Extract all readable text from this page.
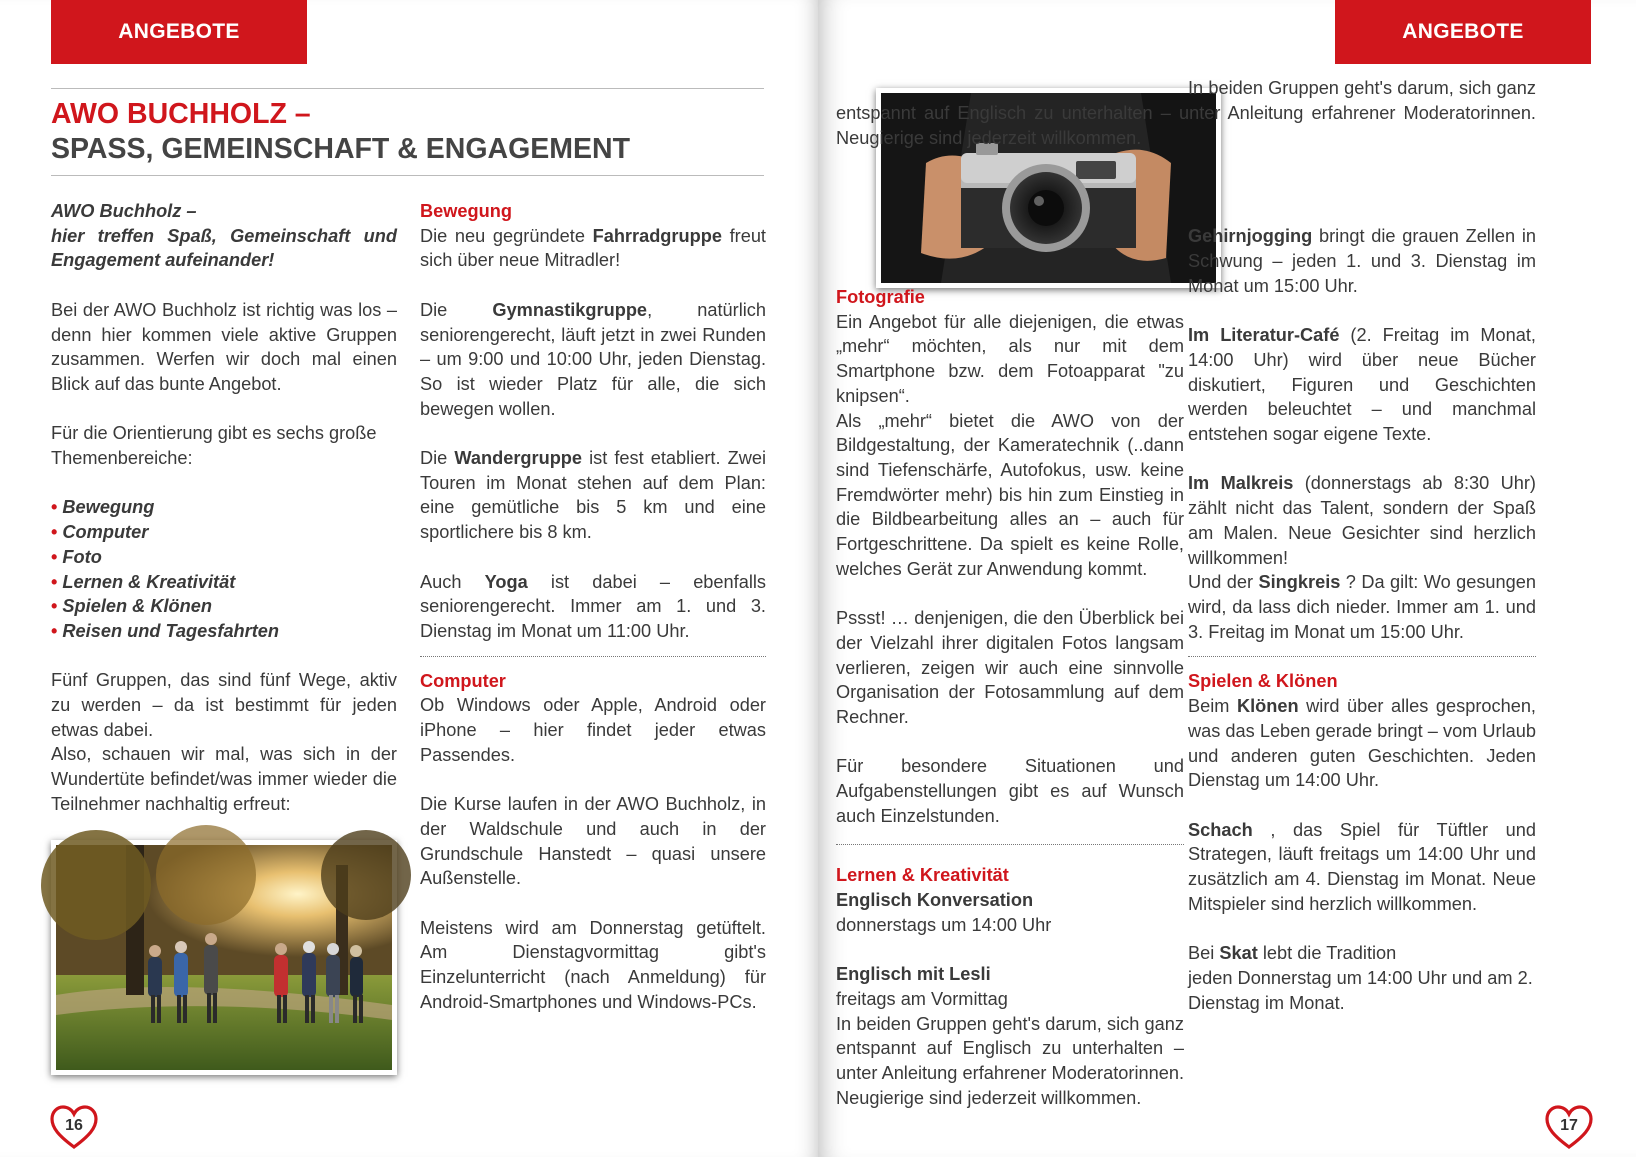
ANGEBOTE
AWO BUCHHOLZ –
SPASS, GEMEINSCHAFT & ENGAGEMENT

AWO Buchholz –

hier treffen Spaß, Gemeinschaft und Engagement aufeinander!

Bei der AWO Buchholz ist richtig was los – denn hier kommen viele aktive Gruppen zusammen. Werfen wir doch mal einen Blick auf das bunte Angebot.

Für die Orientierung gibt es sechs große Themenbereiche:

• Bewegung
• Computer
• Foto
• Lernen & Kreativität
• Spielen & Klönen
• Reisen und Tagesfahrten

Fünf Gruppen, das sind fünf Wege, aktiv zu werden – da ist bestimmt für jeden etwas dabei.

Also, schauen wir mal, was sich in der Wundertüte befindet/was immer wieder die Teilnehmer nachhaltig erfreut:

Bewegung

Die neu gegründete Fahrradgruppe freut sich über neue Mitradler!

Die Gymnastikgruppe, natürlich seniorengerecht, läuft jetzt in zwei Runden – um 9:00 und 10:00 Uhr, jeden Dienstag. So ist wieder Platz für alle, die sich bewegen wollen.

Die Wandergruppe ist fest etabliert. Zwei Touren im Monat stehen auf dem Plan: eine gemütliche bis 5 km und eine sportlichere bis 8 km.

Auch Yoga ist dabei – ebenfalls seniorengerecht. Immer am 1. und 3. Dienstag im Monat um 11:00 Uhr.

Computer

Ob Windows oder Apple, Android oder iPhone – hier findet jeder etwas Passendes.

Die Kurse laufen in der AWO Buchholz, in der Waldschule und auch in der Grundschule Hanstedt – quasi unsere Außenstelle.

Meistens wird am Donnerstag getüftelt. Am Dienstagvormittag gibt's Einzelunterricht (nach Anmeldung) für Android-Smartphones und Windows-PCs.

16
ANGEBOTE

Fotografie

Ein Angebot für alle diejenigen, die etwas „mehr“ möchten, als nur mit dem Smartphone bzw. dem Fotoapparat "zu knipsen“.

Als „mehr“ bietet die AWO von der Bildgestaltung, der Kameratechnik (..dann sind Tiefenschärfe, Autofokus, usw. keine Fremdwörter mehr) bis hin zum Einstieg in die Bildbearbeitung alles an – auch für Fortgeschrittene. Da spielt es keine Rolle, welches Gerät zur Anwendung kommt.

Pssst! … denjenigen, die den Überblick bei der Vielzahl ihrer digitalen Fotos langsam verlieren, zeigen wir auch eine sinnvolle Organisation der Fotosammlung auf dem Rechner.

Für besondere Situationen und Aufgabenstellungen gibt es auf Wunsch auch Einzelstunden.

Lernen & Kreativität

Englisch Konversation

donnerstags um 14:00 Uhr

Englisch mit Lesli

freitags am Vormittag

In beiden Gruppen geht's darum, sich ganz entspannt auf Englisch zu unterhalten – unter Anleitung erfahrener Moderatorinnen. Neugierige sind jederzeit willkommen.

In beiden Gruppen geht's darum, sich ganz entspannt auf Englisch zu unterhalten – unter Anleitung erfahrener Moderatorinnen. Neugierige sind jederzeit willkommen.

Gehirnjogging bringt die grauen Zellen in Schwung – jeden 1. und 3. Dienstag im Monat um 15:00 Uhr.

Im Literatur-Café (2. Freitag im Monat, 14:00 Uhr) wird über neue Bücher diskutiert, Figuren und Geschichten werden beleuchtet – und manchmal entstehen sogar eigene Texte.

Im Malkreis (donnerstags ab 8:30 Uhr) zählt nicht das Talent, sondern der Spaß am Malen. Neue Gesichter sind herzlich willkommen!

Und der Singkreis ? Da gilt: Wo gesungen wird, da lass dich nieder. Immer am 1. und 3. Freitag im Monat um 15:00 Uhr.

Spielen & Klönen

Beim Klönen wird über alles gesprochen, was das Leben gerade bringt – vom Urlaub und anderen guten Geschichten. Jeden Dienstag um 14:00 Uhr.

Schach , das Spiel für Tüftler und Strategen, läuft freitags um 14:00 Uhr und zusätzlich am 4. Dienstag im Monat. Neue Mitspieler sind herzlich willkommen.

Bei Skat lebt die Tradition

jeden Donnerstag um 14:00 Uhr und am 2. Dienstag im Monat.

17
